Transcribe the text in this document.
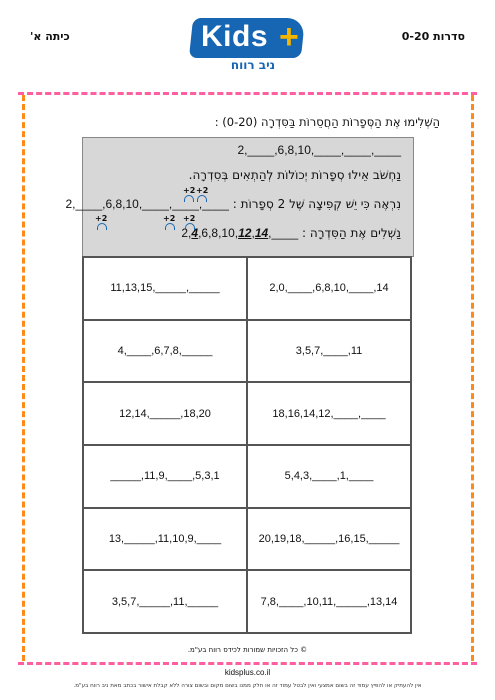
כיתה א'	סדרות 0-20
Kids +
ניב רווח
הַשְׁלִימוּ אֶת הַסְּפָרוֹת הַחֲסֵרוֹת בַּסִּדְרָה (0-20) :
2,____,6,8,10,____,____,____
נַחְשֹׁב אֵילוּ סְפָרוֹת יְכוֹלוֹת לְהַתְאִים בְּסִדְרָה.
נִרְאֶה כִּי יֵשׁ קְפִיצָה שֶׁל 2 סְפָרוֹת : 2,____,6,8,10,____,____,____
+2 +2
נַשְׁלִים אֶת הַסִּדְרָה : 2,4,6,8,10,12,14,____
+2	+2 +2
11,13,15,_____,_____	2,0,____,6,8,10,____,14
4,____,6,7,8,_____	3,5,7,____,11
12,14,_____,18,20	18,16,14,12,____,____
_____,11,9,____,5,3,1	5,4,3,____,1,____
13,_____,11,10,9,____	20,19,18,_____,16,15,_____
3,5,7,_____,11,_____	7,8,____,10,11,_____,13,14
© כל הזכויות שמורות לכידס רווח בע"מ.
kidsplus.co.il
אין להעתיק או להפיץ עמוד זה בשום אמצעי ואין לבטל עמוד זה או חלק ממנו בשום מקום ובשום צורה ללא קבלת אישור בכתב מאת ניב רווח בע"מ.
